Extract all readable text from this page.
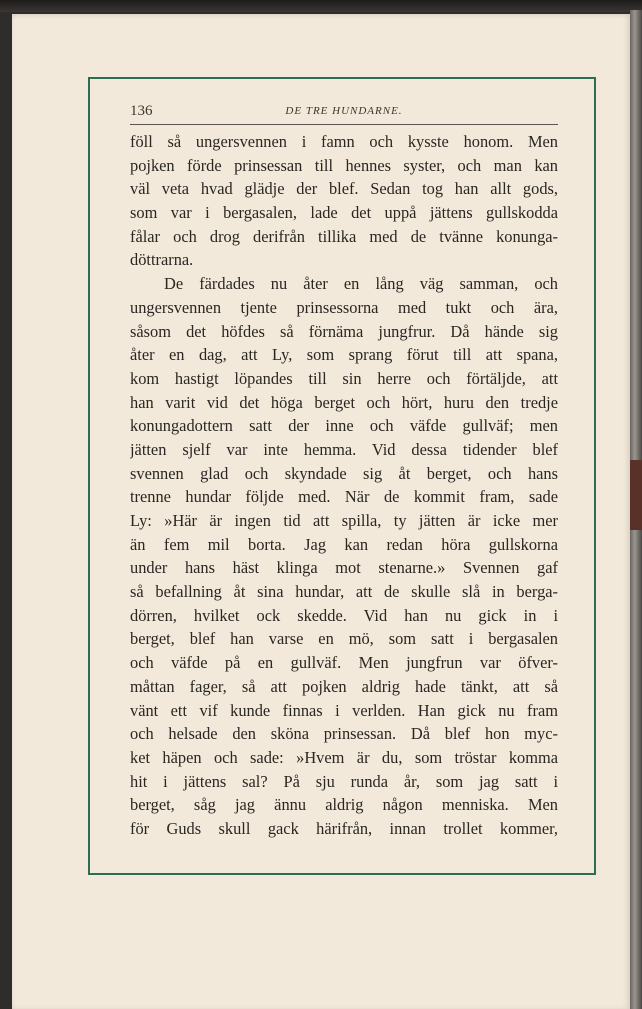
136	DE TRE HUNDARNE.
föll så ungersvennen i famn och kysste honom. Men
pojken förde prinsessan till hennes syster, och man kan
väl veta hvad glädje der blef. Sedan tog han allt gods,
som var i bergasalen, lade det uppå jättens gullskodda
fålar och drog derifrån tillika med de tvänne konunga-
döttrarna.
De färdades nu åter en lång väg samman, och
ungersvennen tjente prinsessorna med tukt och ära,
såsom det höfdes så förnäma jungfrur. Då hände sig
åter en dag, att Ly, som sprang förut till att spana,
kom hastigt löpandes till sin herre och förtäljde, att
han varit vid det höga berget och hört, huru den tredje
konungadottern satt der inne och väfde gullväf; men
jätten sjelf var inte hemma. Vid dessa tidender blef
svennen glad och skyndade sig åt berget, och hans
trenne hundar följde med. När de kommit fram, sade
Ly: »Här är ingen tid att spilla, ty jätten är icke mer
än fem mil borta. Jag kan redan höra gullskorna
under hans häst klinga mot stenarne.» Svennen gaf
så befallning åt sina hundar, att de skulle slå in berga-
dörren, hvilket ock skedde. Vid han nu gick in i
berget, blef han varse en mö, som satt i bergasalen
och väfde på en gullväf. Men jungfrun var öfver-
måttan fager, så att pojken aldrig hade tänkt, att så
vänt ett vif kunde finnas i verlden. Han gick nu fram
och helsade den sköna prinsessan. Då blef hon myc-
ket häpen och sade: »Hvem är du, som tröstar komma
hit i jättens sal? På sju runda år, som jag satt i
berget, såg jag ännu aldrig någon menniska. Men
för Guds skull gack härifrån, innan trollet kommer,
